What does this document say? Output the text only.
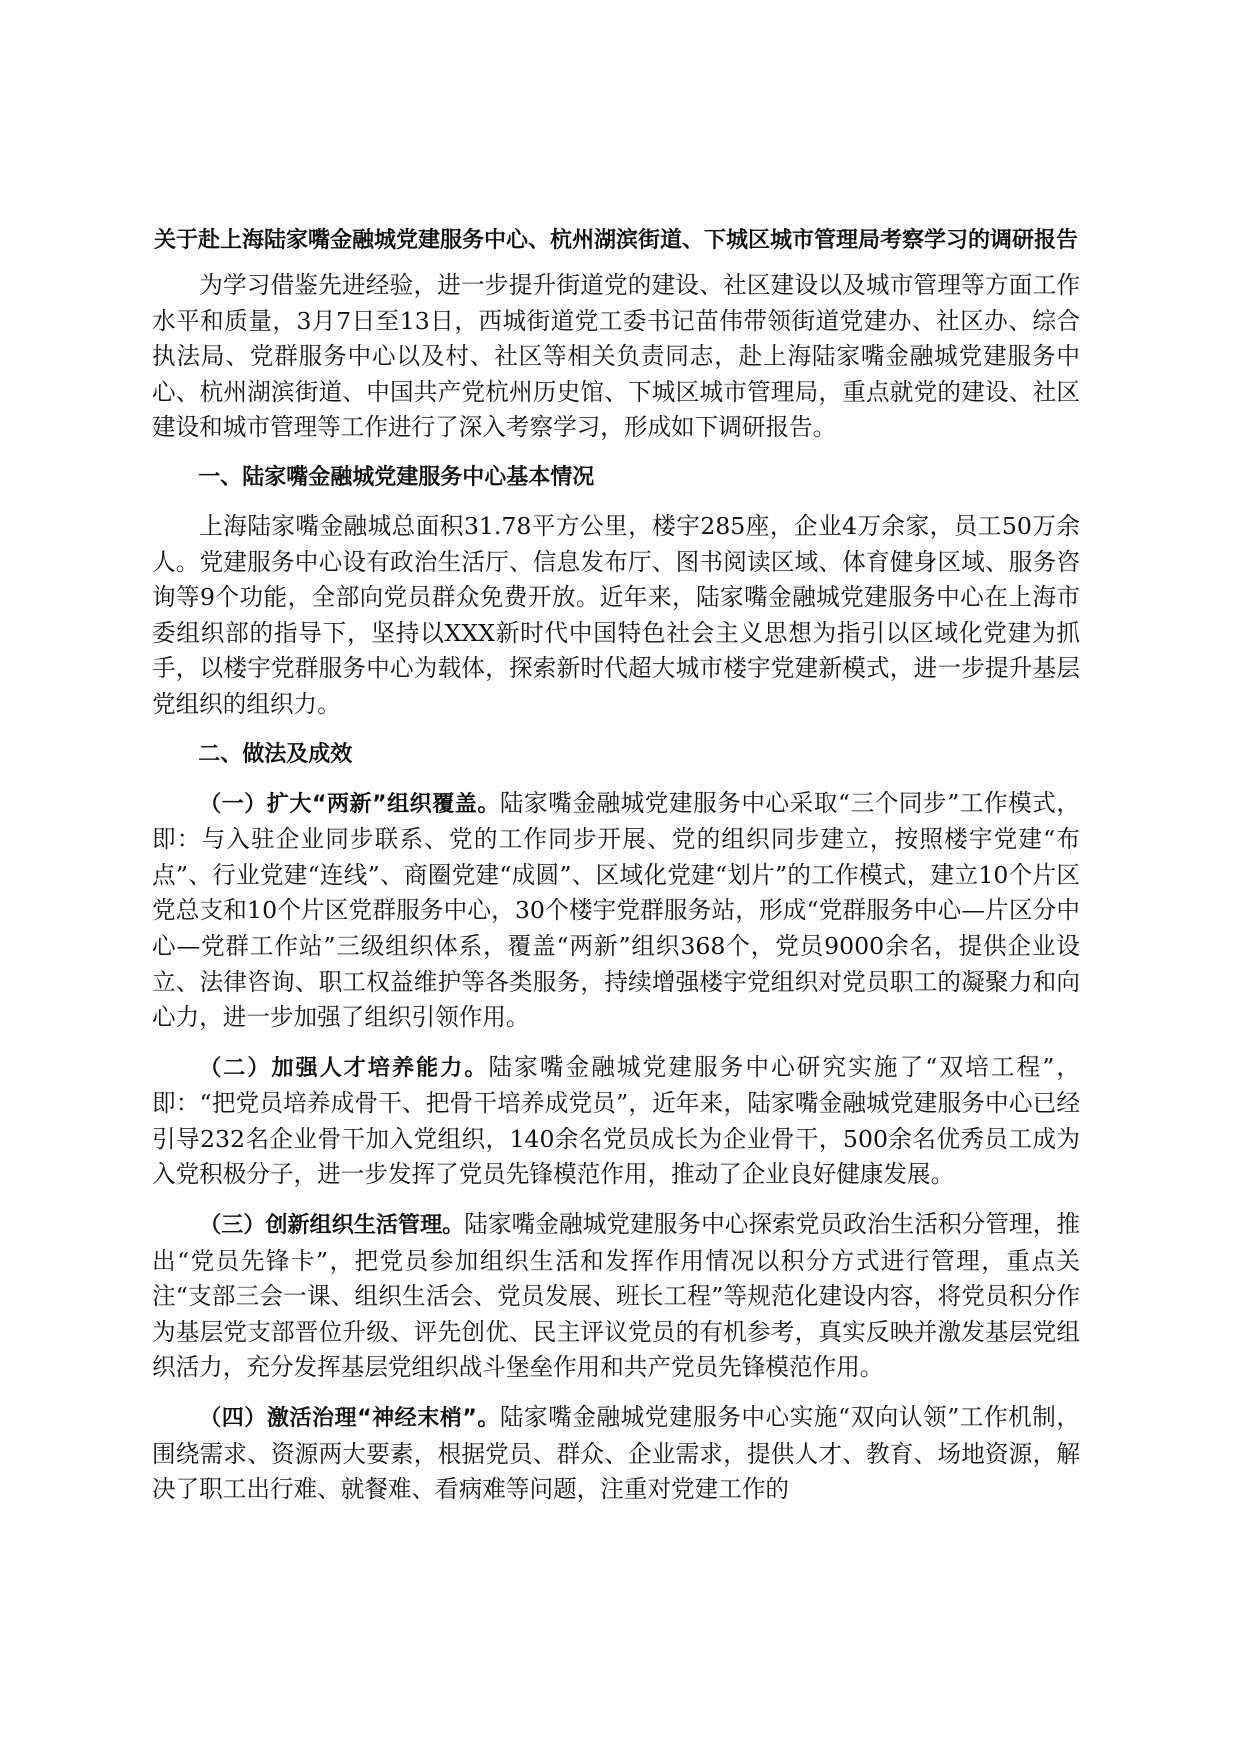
关于赴上海陆家嘴金融城党建服务中心、杭州湖滨街道、下城区城市管理局考察学习的调研报告

为学习借鉴先进经验，进一步提升街道党的建设、社区建设以及城市管理等方面工作水平和质量，3月7日至13日，西城街道党工委书记苗伟带领街道党建办、社区办、综合执法局、党群服务中心以及村、社区等相关负责同志，赴上海陆家嘴金融城党建服务中心、杭州湖滨街道、中国共产党杭州历史馆、下城区城市管理局，重点就党的建设、社区建设和城市管理等工作进行了深入考察学习，形成如下调研报告。

一、陆家嘴金融城党建服务中心基本情况

上海陆家嘴金融城总面积31.78平方公里，楼宇285座，企业4万余家，员工50万余人。党建服务中心设有政治生活厅、信息发布厅、图书阅读区域、体育健身区域、服务咨询等9个功能，全部向党员群众免费开放。近年来，陆家嘴金融城党建服务中心在上海市委组织部的指导下，坚持以XXX新时代中国特色社会主义思想为指引以区域化党建为抓手，以楼宇党群服务中心为载体，探索新时代超大城市楼宇党建新模式，进一步提升基层党组织的组织力。

二、做法及成效

（一）扩大“两新”组织覆盖。陆家嘴金融城党建服务中心采取“三个同步”工作模式，即：与入驻企业同步联系、党的工作同步开展、党的组织同步建立，按照楼宇党建“布点”、行业党建“连线”、商圈党建“成圆”、区域化党建“划片”的工作模式，建立10个片区党总支和10个片区党群服务中心，30个楼宇党群服务站，形成“党群服务中心—片区分中心—党群工作站”三级组织体系，覆盖“两新”组织368个，党员9000余名，提供企业设立、法律咨询、职工权益维护等各类服务，持续增强楼宇党组织对党员职工的凝聚力和向心力，进一步加强了组织引领作用。

（二）加强人才培养能力。陆家嘴金融城党建服务中心研究实施了“双培工程”，即：“把党员培养成骨干、把骨干培养成党员”，近年来，陆家嘴金融城党建服务中心已经引导232名企业骨干加入党组织，140余名党员成长为企业骨干，500余名优秀员工成为入党积极分子，进一步发挥了党员先锋模范作用，推动了企业良好健康发展。

（三）创新组织生活管理。陆家嘴金融城党建服务中心探索党员政治生活积分管理，推出“党员先锋卡”，把党员参加组织生活和发挥作用情况以积分方式进行管理，重点关注“支部三会一课、组织生活会、党员发展、班长工程”等规范化建设内容，将党员积分作为基层党支部晋位升级、评先创优、民主评议党员的有机参考，真实反映并激发基层党组织活力，充分发挥基层党组织战斗堡垒作用和共产党员先锋模范作用。

（四）激活治理“神经末梢”。陆家嘴金融城党建服务中心实施“双向认领”工作机制，围绕需求、资源两大要素，根据党员、群众、企业需求，提供人才、教育、场地资源，解决了职工出行难、就餐难、看病难等问题，注重对党建工作的
